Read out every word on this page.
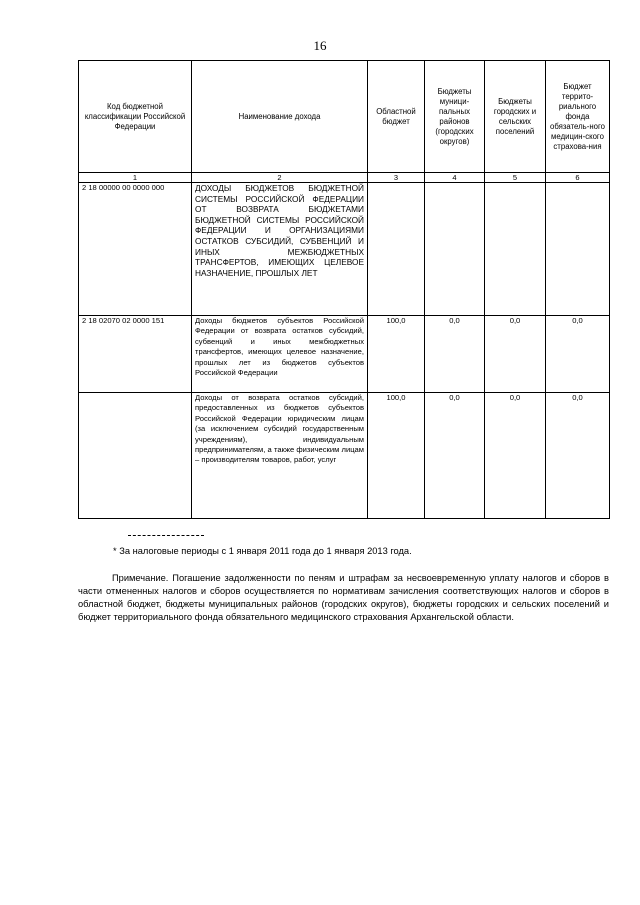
16
Код бюджетной классификации Российской Федерации	Наименование дохода	Областной бюджет	Бюджеты муници-пальных районов (городских округов)	Бюджеты городских и сельских поселений	Бюджет террито-риального фонда обязатель-ного медицин-ского страхова-ния
1	2	3	4	5	6
2 18 00000 00 0000 000	ДОХОДЫ БЮДЖЕТОВ БЮДЖЕТНОЙ СИСТЕМЫ РОССИЙСКОЙ ФЕДЕРАЦИИ ОТ ВОЗВРАТА БЮДЖЕТАМИ БЮДЖЕТНОЙ СИСТЕМЫ РОССИЙСКОЙ ФЕДЕРАЦИИ И ОРГАНИЗАЦИЯМИ ОСТАТКОВ СУБСИДИЙ, СУБВЕНЦИЙ И ИНЫХ МЕЖБЮДЖЕТНЫХ ТРАНСФЕРТОВ, ИМЕЮЩИХ ЦЕЛЕВОЕ НАЗНАЧЕНИЕ, ПРОШЛЫХ ЛЕТ				
2 18 02070 02 0000 151	Доходы бюджетов субъектов Российской Федерации от возврата остатков субсидий, субвенций и иных межбюджетных трансфертов, имеющих целевое назначение, прошлых лет из бюджетов субъектов Российской Федерации	100,0	0,0	0,0	0,0
	Доходы от возврата остатков субсидий, предоставленных из бюджетов субъектов Российской Федерации юридическим лицам (за исключением субсидий государственным учреждениям), индивидуальным предпринимателям, а также физическим лицам – производителям товаров, работ, услуг	100,0	0,0	0,0	0,0
* За налоговые периоды с 1 января 2011 года до 1 января 2013 года.
Примечание. Погашение задолженности по пеням и штрафам за несвоевременную уплату налогов и сборов в части отмененных налогов и сборов осуществляется по нормативам зачисления соответствующих налогов и сборов в областной бюджет, бюджеты муниципальных районов (городских округов), бюджеты городских и сельских поселений и бюджет территориального фонда обязательного медицинского страхования Архангельской области.
